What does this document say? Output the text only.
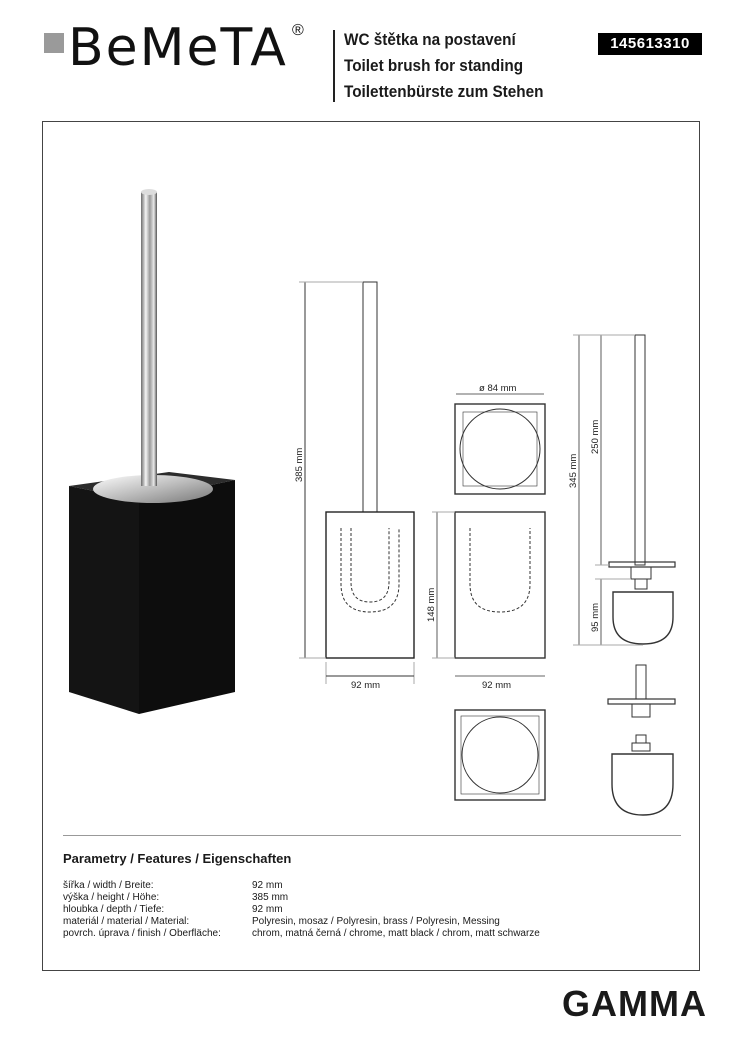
BeMeTA ® WC štětka na postavení
Toilet brush for standing
Toilettenbürste zum Stehen
145613310
385 mm
92 mm
148 mm
92 mm
ø 84 mm
345 mm
250 mm
95 mm
Parametry / Features / Eigenschaften
šířka / width / Breite:	92 mm
výška / height / Höhe:	385 mm
hloubka / depth / Tiefe:	92 mm
materiál / material / Material:	Polyresin, mosaz / Polyresin, brass / Polyresin, Messing
povrch. úprava / finish / Oberfläche:	chrom, matná černá / chrome, matt black / chrom, matt schwarze
GAMMA
